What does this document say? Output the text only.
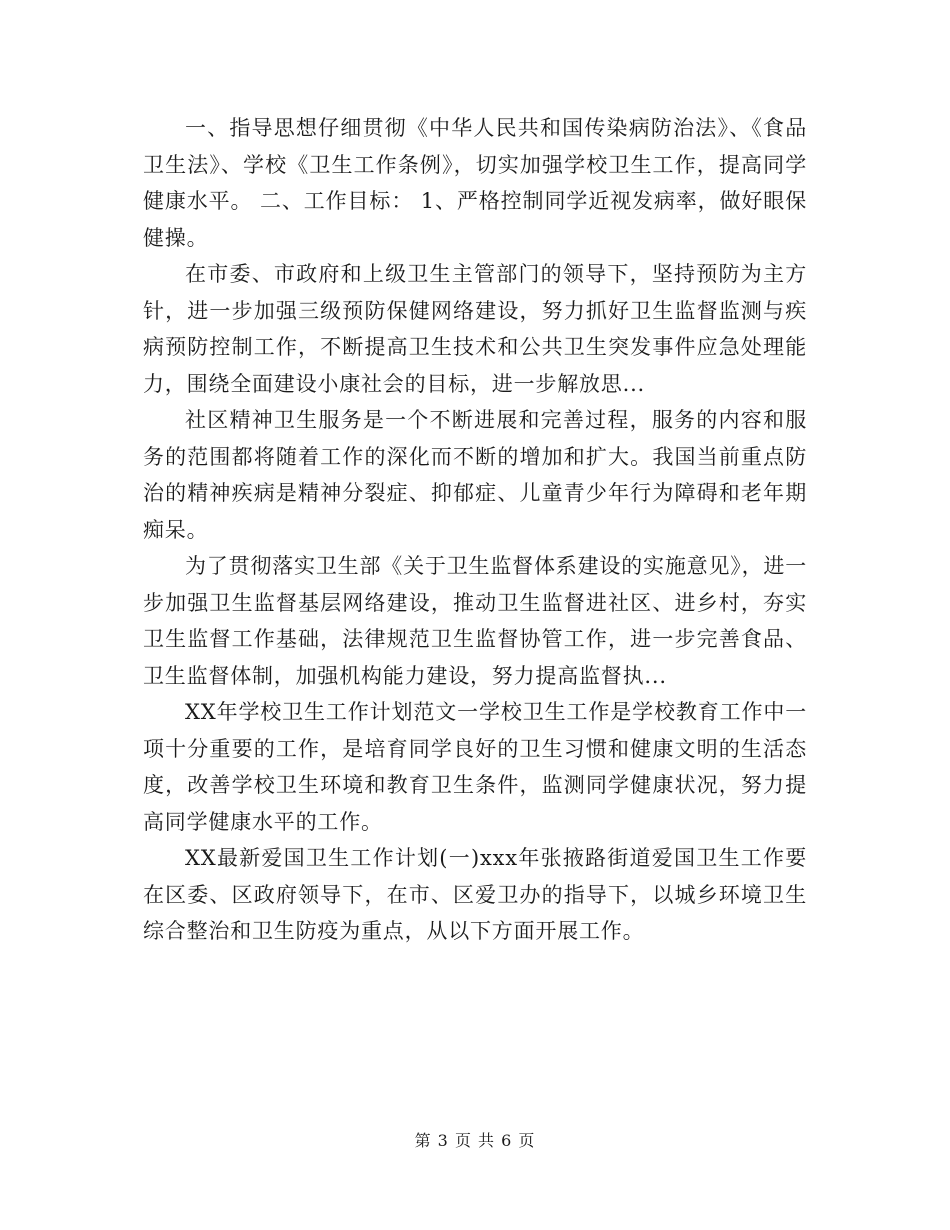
一、指导思想仔细贯彻《中华人民共和国传染病防治法》、《食品卫生法》、学校《卫生工作条例》，切实加强学校卫生工作，提高同学健康水平。 二、工作目标： 1、严格控制同学近视发病率，做好眼保健操。

在市委、市政府和上级卫生主管部门的领导下，坚持预防为主方针，进一步加强三级预防保健网络建设，努力抓好卫生监督监测与疾病预防控制工作，不断提高卫生技术和公共卫生突发事件应急处理能力，围绕全面建设小康社会的目标，进一步解放思...

社区精神卫生服务是一个不断进展和完善过程，服务的内容和服务的范围都将随着工作的深化而不断的增加和扩大。我国当前重点防治的精神疾病是精神分裂症、抑郁症、儿童青少年行为障碍和老年期痴呆。

为了贯彻落实卫生部《关于卫生监督体系建设的实施意见》，进一步加强卫生监督基层网络建设，推动卫生监督进社区、进乡村，夯实卫生监督工作基础，法律规范卫生监督协管工作，进一步完善食品、卫生监督体制，加强机构能力建设，努力提高监督执...

XX年学校卫生工作计划范文一学校卫生工作是学校教育工作中一项十分重要的工作，是培育同学良好的卫生习惯和健康文明的生活态度，改善学校卫生环境和教育卫生条件，监测同学健康状况，努力提高同学健康水平的工作。

XX最新爱国卫生工作计划(一)xxx年张掖路街道爱国卫生工作要在区委、区政府领导下，在市、区爱卫办的指导下，以城乡环境卫生综合整治和卫生防疫为重点，从以下方面开展工作。

第 3 页 共 6 页
